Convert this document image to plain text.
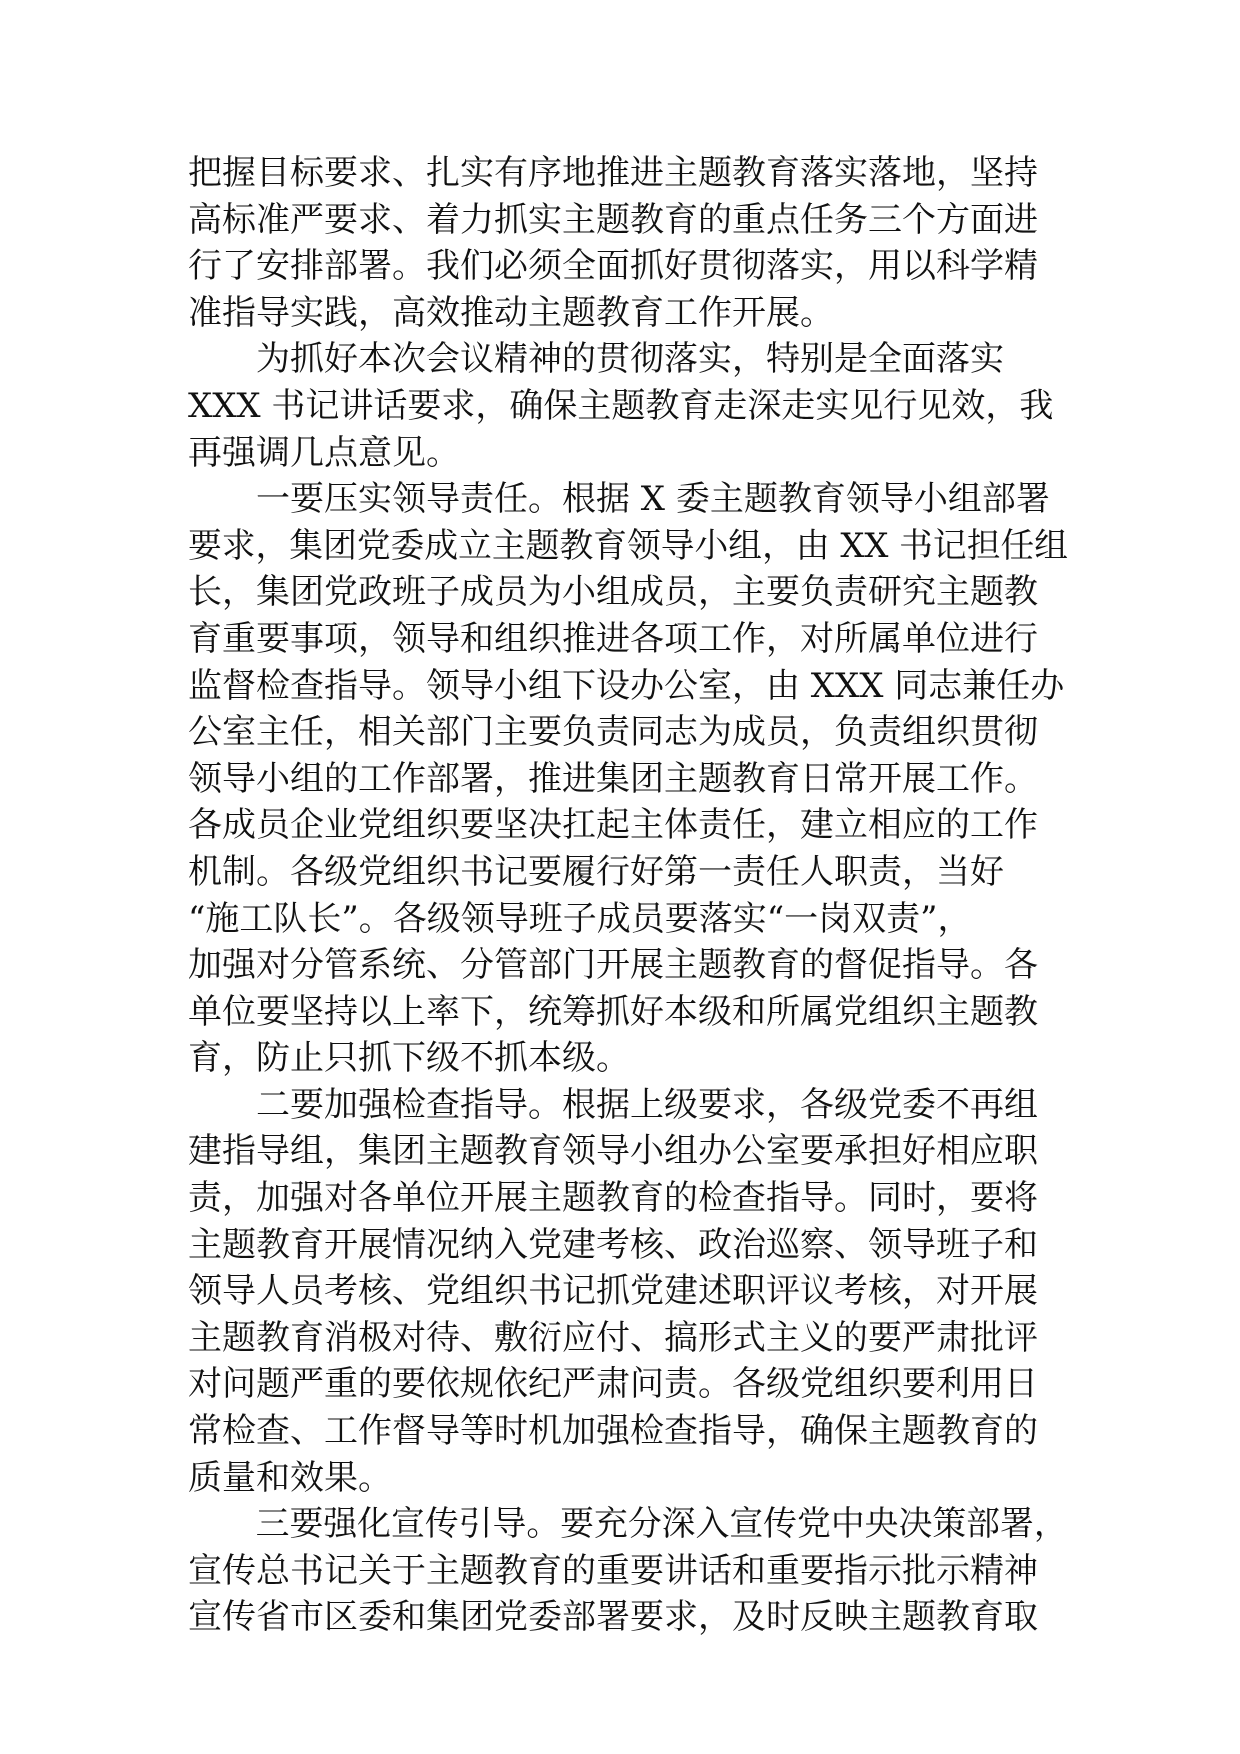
把握目标要求、扎实有序地推进主题教育落实落地，坚持
高标准严要求、着力抓实主题教育的重点任务三个方面进
行了安排部署。我们必须全面抓好贯彻落实，用以科学精
准指导实践，高效推动主题教育工作开展。
为抓好本次会议精神的贯彻落实，特别是全面落实
XXX 书记讲话要求，确保主题教育走深走实见行见效，我
再强调几点意见。
一要压实领导责任。根据 X 委主题教育领导小组部署
要求，集团党委成立主题教育领导小组，由 XX 书记担任组
长，集团党政班子成员为小组成员，主要负责研究主题教
育重要事项，领导和组织推进各项工作，对所属单位进行
监督检查指导。领导小组下设办公室，由 XXX 同志兼任办
公室主任，相关部门主要负责同志为成员，负责组织贯彻
领导小组的工作部署，推进集团主题教育日常开展工作。
各成员企业党组织要坚决扛起主体责任，建立相应的工作
机制。各级党组织书记要履行好第一责任人职责，当好
“施工队长”。各级领导班子成员要落实“一岗双责”，
加强对分管系统、分管部门开展主题教育的督促指导。各
单位要坚持以上率下，统筹抓好本级和所属党组织主题教
育，防止只抓下级不抓本级。
二要加强检查指导。根据上级要求，各级党委不再组
建指导组，集团主题教育领导小组办公室要承担好相应职
责，加强对各单位开展主题教育的检查指导。同时，要将
主题教育开展情况纳入党建考核、政治巡察、领导班子和
领导人员考核、党组织书记抓党建述职评议考核，对开展
主题教育消极对待、敷衍应付、搞形式主义的要严肃批评
对问题严重的要依规依纪严肃问责。各级党组织要利用日
常检查、工作督导等时机加强检查指导，确保主题教育的
质量和效果。
三要强化宣传引导。要充分深入宣传党中央决策部署，
宣传总书记关于主题教育的重要讲话和重要指示批示精神
宣传省市区委和集团党委部署要求，及时反映主题教育取
